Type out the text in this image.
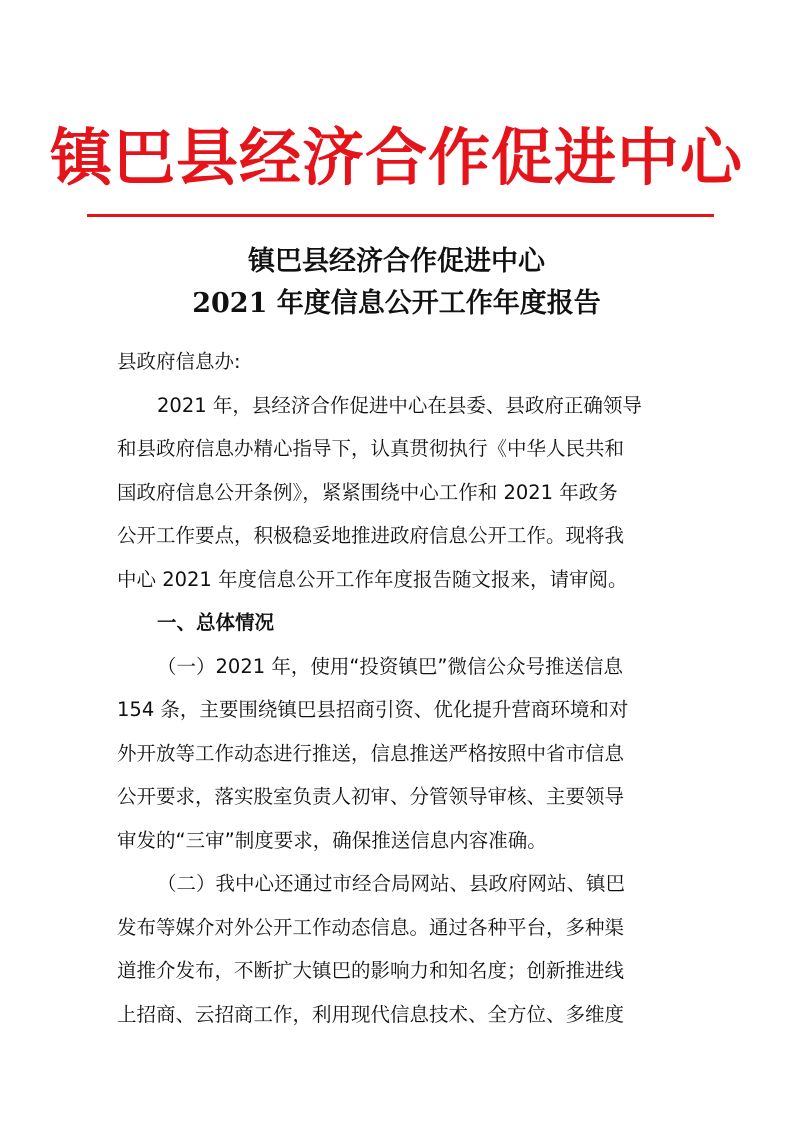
镇巴县经济合作促进中心
镇巴县经济合作促进中心
2021 年度信息公开工作年度报告
县政府信息办:
2021 年，县经济合作促进中心在县委、县政府正确领导
和县政府信息办精心指导下，认真贯彻执行《中华人民共和
国政府信息公开条例》，紧紧围绕中心工作和 2021 年政务
公开工作要点，积极稳妥地推进政府信息公开工作。现将我
中心 2021 年度信息公开工作年度报告随文报来，请审阅。
一、总体情况
（一）2021 年，使用“投资镇巴”微信公众号推送信息
154 条，主要围绕镇巴县招商引资、优化提升营商环境和对
外开放等工作动态进行推送，信息推送严格按照中省市信息
公开要求，落实股室负责人初审、分管领导审核、主要领导
审发的“三审”制度要求，确保推送信息内容准确。
（二）我中心还通过市经合局网站、县政府网站、镇巴
发布等媒介对外公开工作动态信息。通过各种平台，多种渠
道推介发布，不断扩大镇巴的影响力和知名度；创新推进线
上招商、云招商工作，利用现代信息技术、全方位、多维度
